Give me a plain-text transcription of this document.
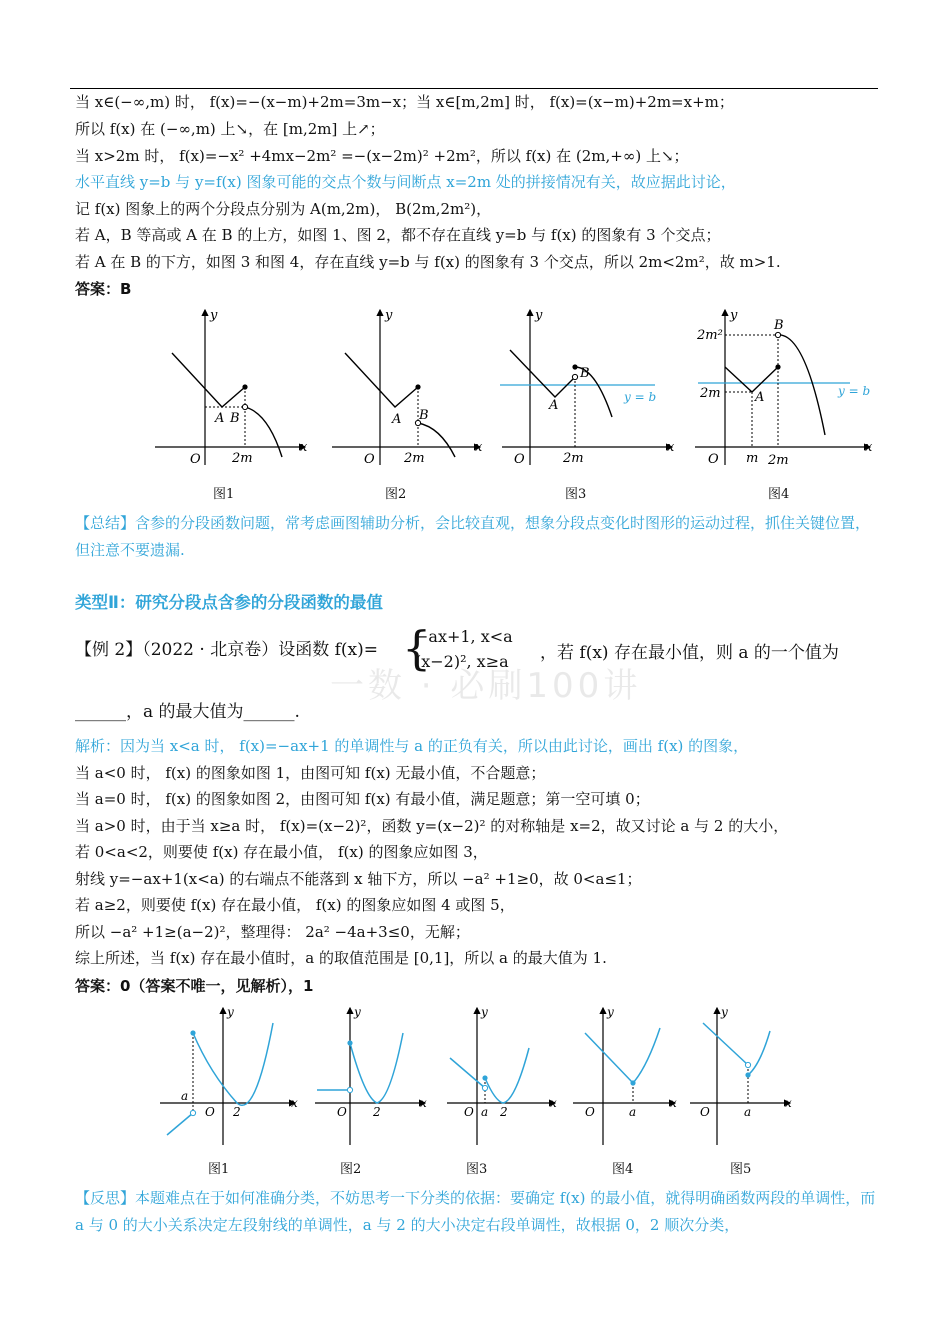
当 x∈(−∞,m) 时， f(x)=−(x−m)+2m=3m−x；当 x∈[m,2m] 时， f(x)=(x−m)+2m=x+m；
所以 f(x) 在 (−∞,m) 上↘，在 [m,2m] 上↗；
当 x>2m 时， f(x)=−x² +4mx−2m² =−(x−2m)² +2m²，所以 f(x) 在 (2m,+∞) 上↘；
水平直线 y=b 与 y=f(x) 图象可能的交点个数与间断点 x=2m 处的拼接情况有关，故应据此讨论，
记 f(x) 图象上的两个分段点分别为 A(m,2m)， B(2m,2m²)，
若 A，B 等高或 A 在 B 的上方，如图 1、图 2，都不存在直线 y=b 与 f(x) 的图象有 3 个交点；
若 A 在 B 的下方，如图 3 和图 4，存在直线 y=b 与 f(x) 的图象有 3 个交点，所以 2m<2m²，故 m>1.
答案：B
y
x
O
A B
2m
y
x
O
A B
2m
y
x
O
A
B
2m
y = b
y
x
O
A
B
2m
2m²
m 2m
y = b
图1	图2	图3	图4
【总结】含参的分段函数问题，常考虑画图辅助分析，会比较直观，想象分段点变化时图形的运动过程，抓住关键位置，但注意不要遗漏.
类型Ⅱ：研究分段点含参的分段函数的最值
一数 · 必刷100讲
【例 2】（2022 · 北京卷）设函数 f(x)= {
−ax+1, x<a
(x−2)², x≥a ，若 f(x) 存在最小值，则 a 的一个值为
______，a 的最大值为______.
解析：因为当 x<a 时， f(x)=−ax+1 的单调性与 a 的正负有关，所以由此讨论，画出 f(x) 的图象，
当 a<0 时， f(x) 的图象如图 1，由图可知 f(x) 无最小值，不合题意；
当 a=0 时， f(x) 的图象如图 2，由图可知 f(x) 有最小值，满足题意；第一空可填 0；
当 a>0 时，由于当 x≥a 时， f(x)=(x−2)²，函数 y=(x−2)² 的对称轴是 x=2，故又讨论 a 与 2 的大小，
若 0<a<2，则要使 f(x) 存在最小值， f(x) 的图象应如图 3，
射线 y=−ax+1(x<a) 的右端点不能落到 x 轴下方，所以 −a² +1≥0，故 0<a≤1；
若 a≥2，则要使 f(x) 存在最小值， f(x) 的图象应如图 4 或图 5，
所以 −a² +1≥(a−2)²，整理得： 2a² −4a+3≤0，无解；
综上所述，当 f(x) 存在最小值时，a 的取值范围是 [0,1]，所以 a 的最大值为 1.
答案：0（答案不唯一，见解析），1
y
x
O
a
2
y
x
O 2
y
x
O a 2
y
x
O	a
y
x
O	a
图1	图2	图3	图4	图5
【反思】本题难点在于如何准确分类，不妨思考一下分类的依据：要确定 f(x) 的最小值，就得明确函数两段的单调性，而 a 与 0 的大小关系决定左段射线的单调性，a 与 2 的大小决定右段单调性，故根据 0，2 顺次分类，
